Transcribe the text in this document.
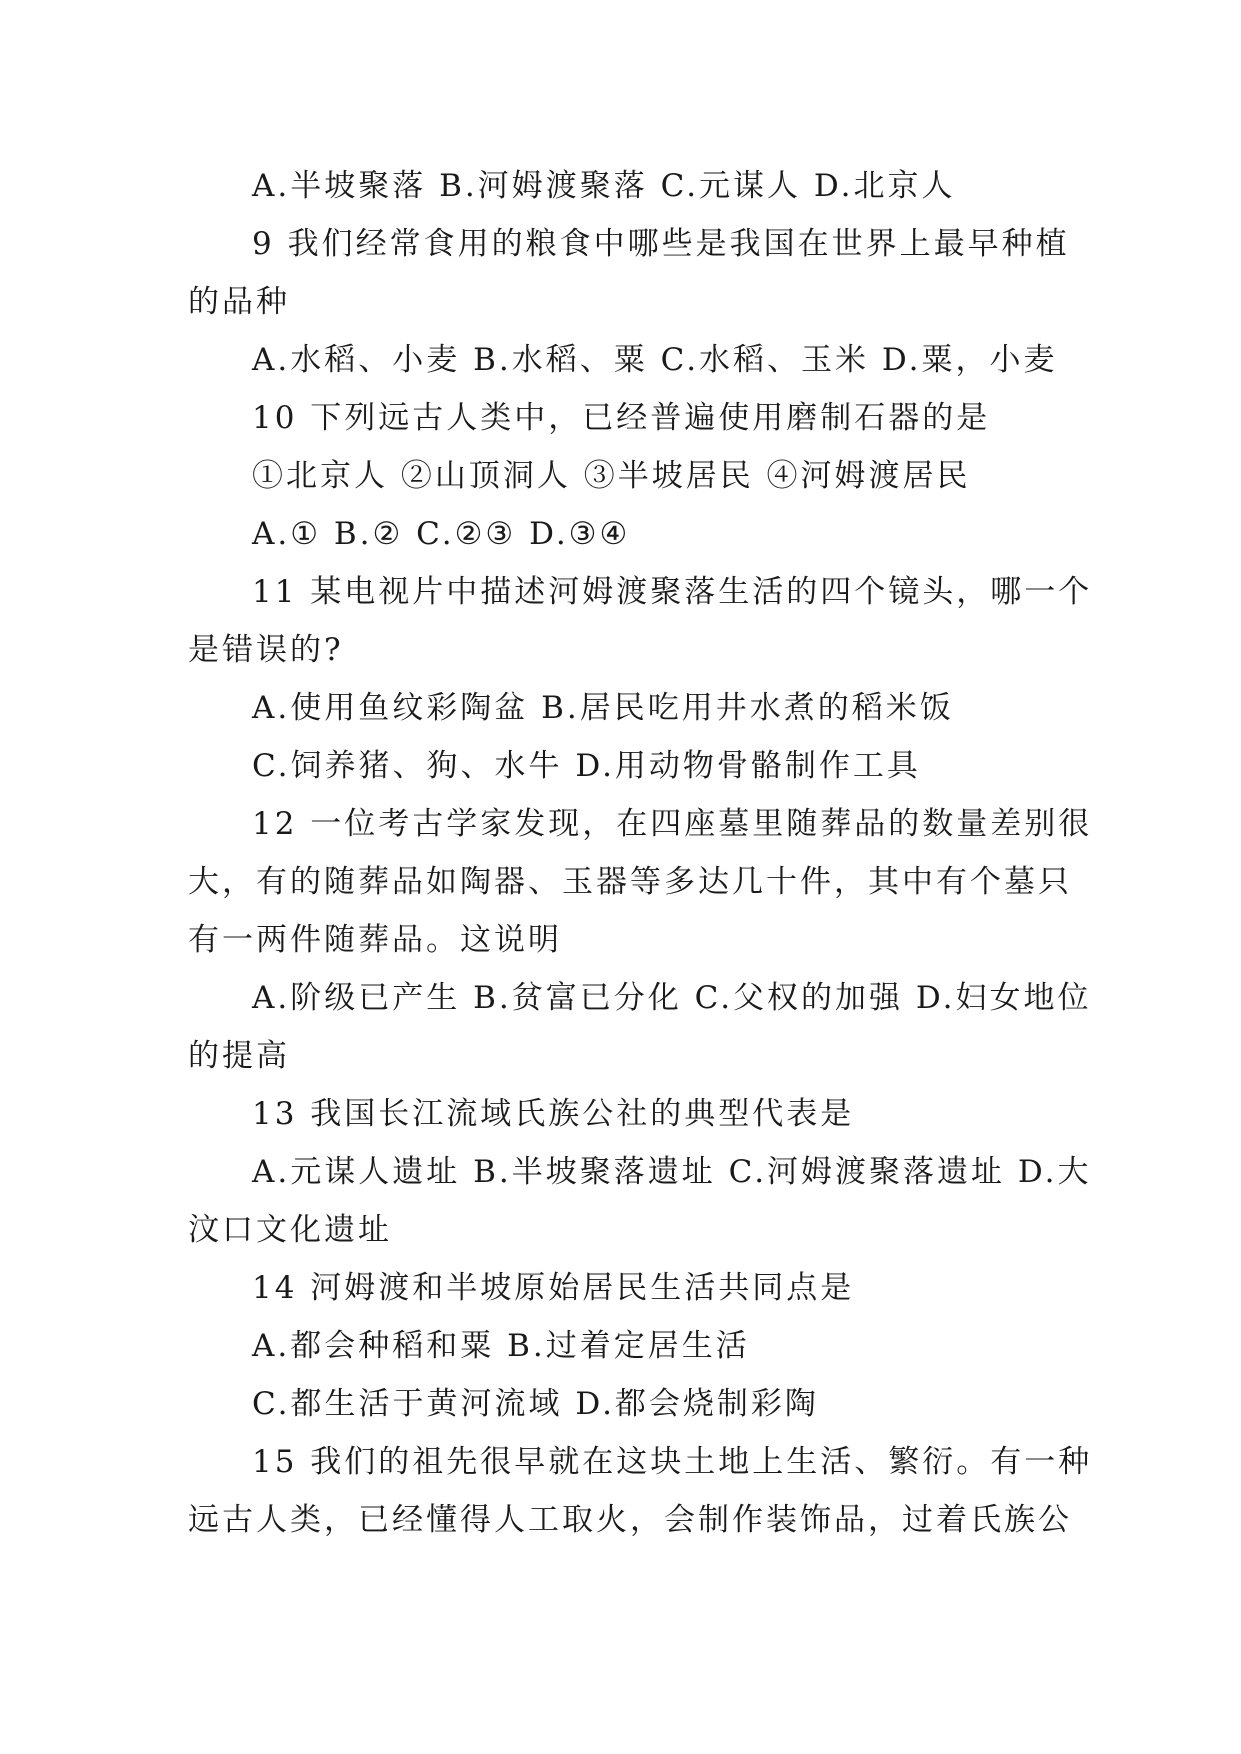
A.半坡聚落 B.河姆渡聚落 C.元谋人 D.北京人
9 我们经常食用的粮食中哪些是我国在世界上最早种植
的品种
A.水稻、小麦 B.水稻、粟 C.水稻、玉米 D.粟，小麦
10 下列远古人类中，已经普遍使用磨制石器的是
①北京人 ②山顶洞人 ③半坡居民 ④河姆渡居民
A.① B.② C.②③ D.③④
11 某电视片中描述河姆渡聚落生活的四个镜头，哪一个
是错误的?
A.使用鱼纹彩陶盆 B.居民吃用井水煮的稻米饭
C.饲养猪、狗、水牛 D.用动物骨骼制作工具
12 一位考古学家发现，在四座墓里随葬品的数量差别很
大，有的随葬品如陶器、玉器等多达几十件，其中有个墓只
有一两件随葬品。这说明
A.阶级已产生 B.贫富已分化 C.父权的加强 D.妇女地位
的提高
13 我国长江流域氏族公社的典型代表是
A.元谋人遗址 B.半坡聚落遗址 C.河姆渡聚落遗址 D.大
汶口文化遗址
14 河姆渡和半坡原始居民生活共同点是
A.都会种稻和粟 B.过着定居生活
C.都生活于黄河流域 D.都会烧制彩陶
15 我们的祖先很早就在这块土地上生活、繁衍。有一种
远古人类，已经懂得人工取火，会制作装饰品，过着氏族公
